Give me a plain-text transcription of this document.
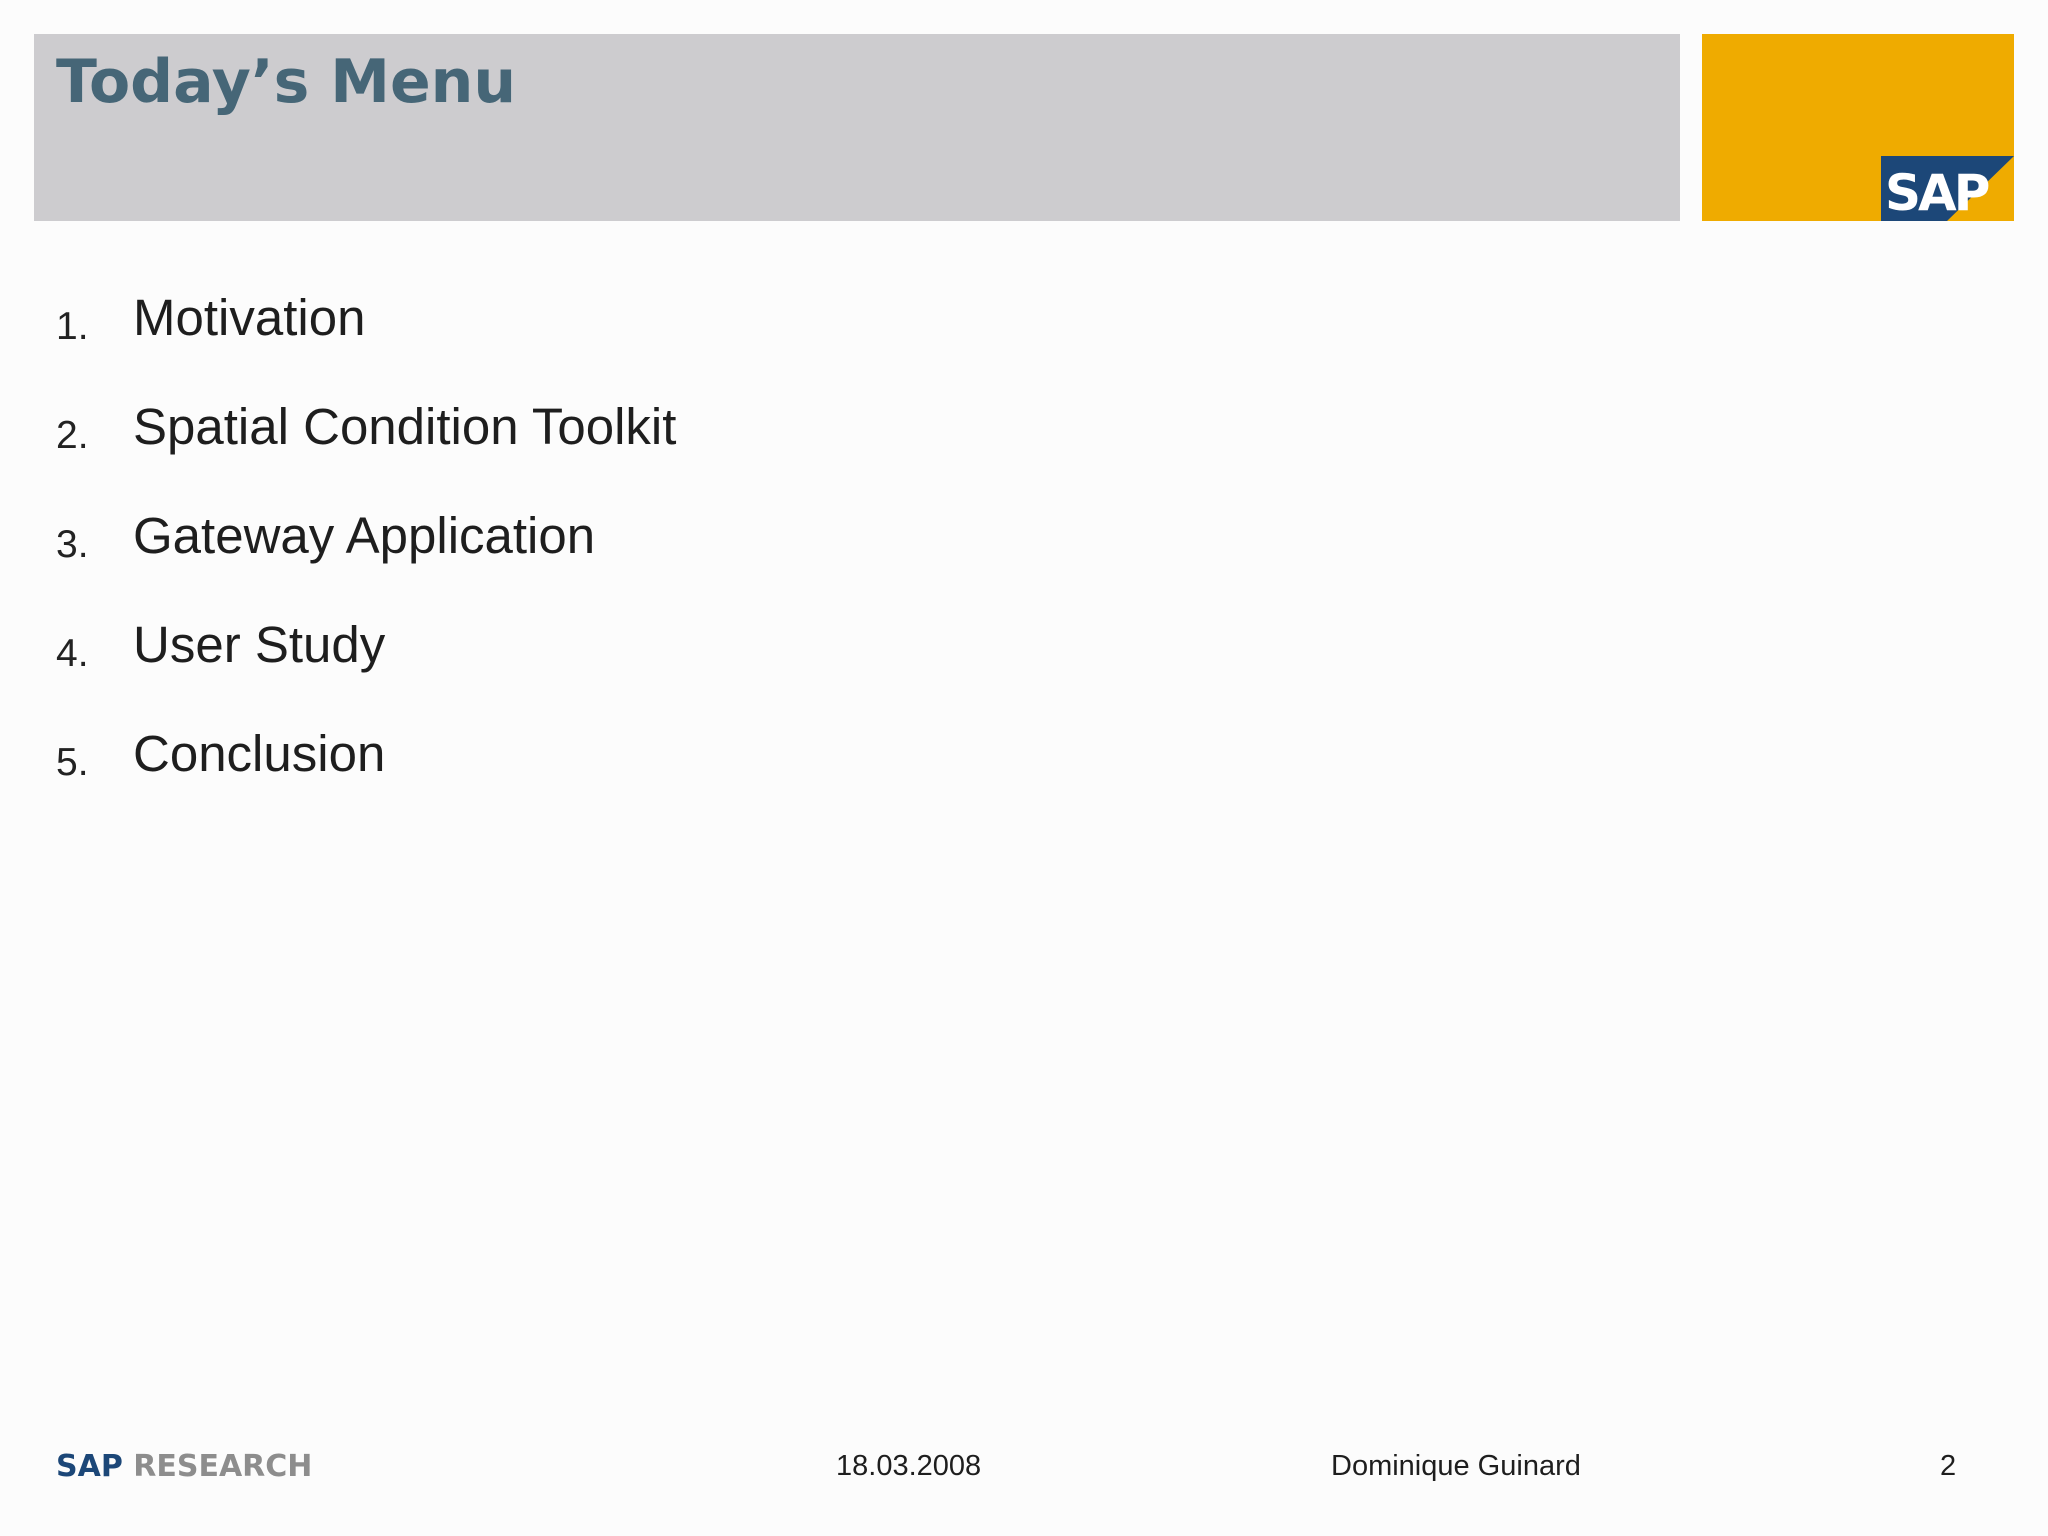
Today’s Menu
SAP
1. Motivation
2. Spatial Condition Toolkit
3. Gateway Application
4. User Study
5. Conclusion
SAP RESEARCH	18.03.2008	Dominique Guinard	2
